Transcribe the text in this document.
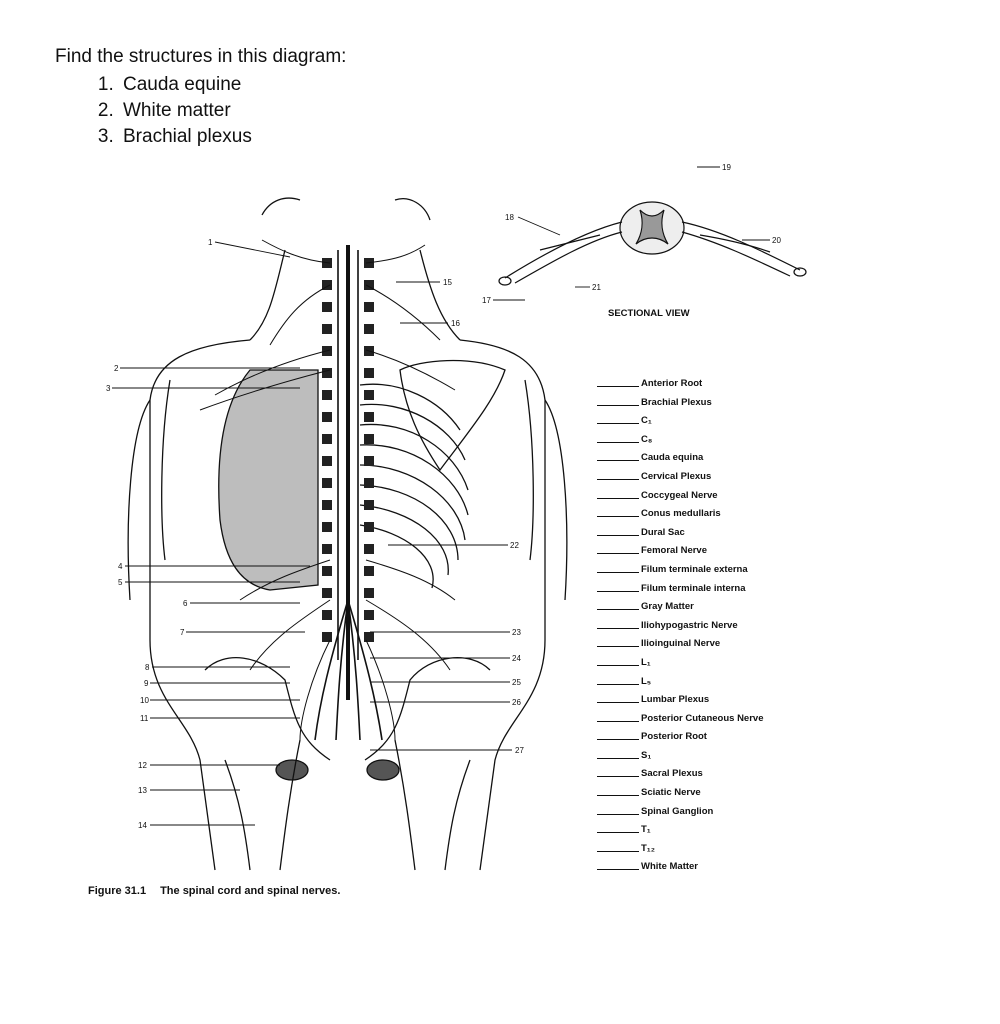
Find the structures in this diagram:
1. Cauda equine
2. White matter
3. Brachial plexus
SECTIONAL VIEW
1
2
3
4
5
6
7
8
9
10
11
12
13
14
15
16
17
18
19
20
21
22
23
24
25
26
27
Anterior Root
Brachial Plexus
C₁
C₈
Cauda equina
Cervical Plexus
Coccygeal Nerve
Conus medullaris
Dural Sac
Femoral Nerve
Filum terminale externa
Filum terminale interna
Gray Matter
Iliohypogastric Nerve
Ilioinguinal Nerve
L₁
L₅
Lumbar Plexus
Posterior Cutaneous Nerve
Posterior Root
S₁
Sacral Plexus
Sciatic Nerve
Spinal Ganglion
T₁
T₁₂
White Matter
Figure 31.1 The spinal cord and spinal nerves.
